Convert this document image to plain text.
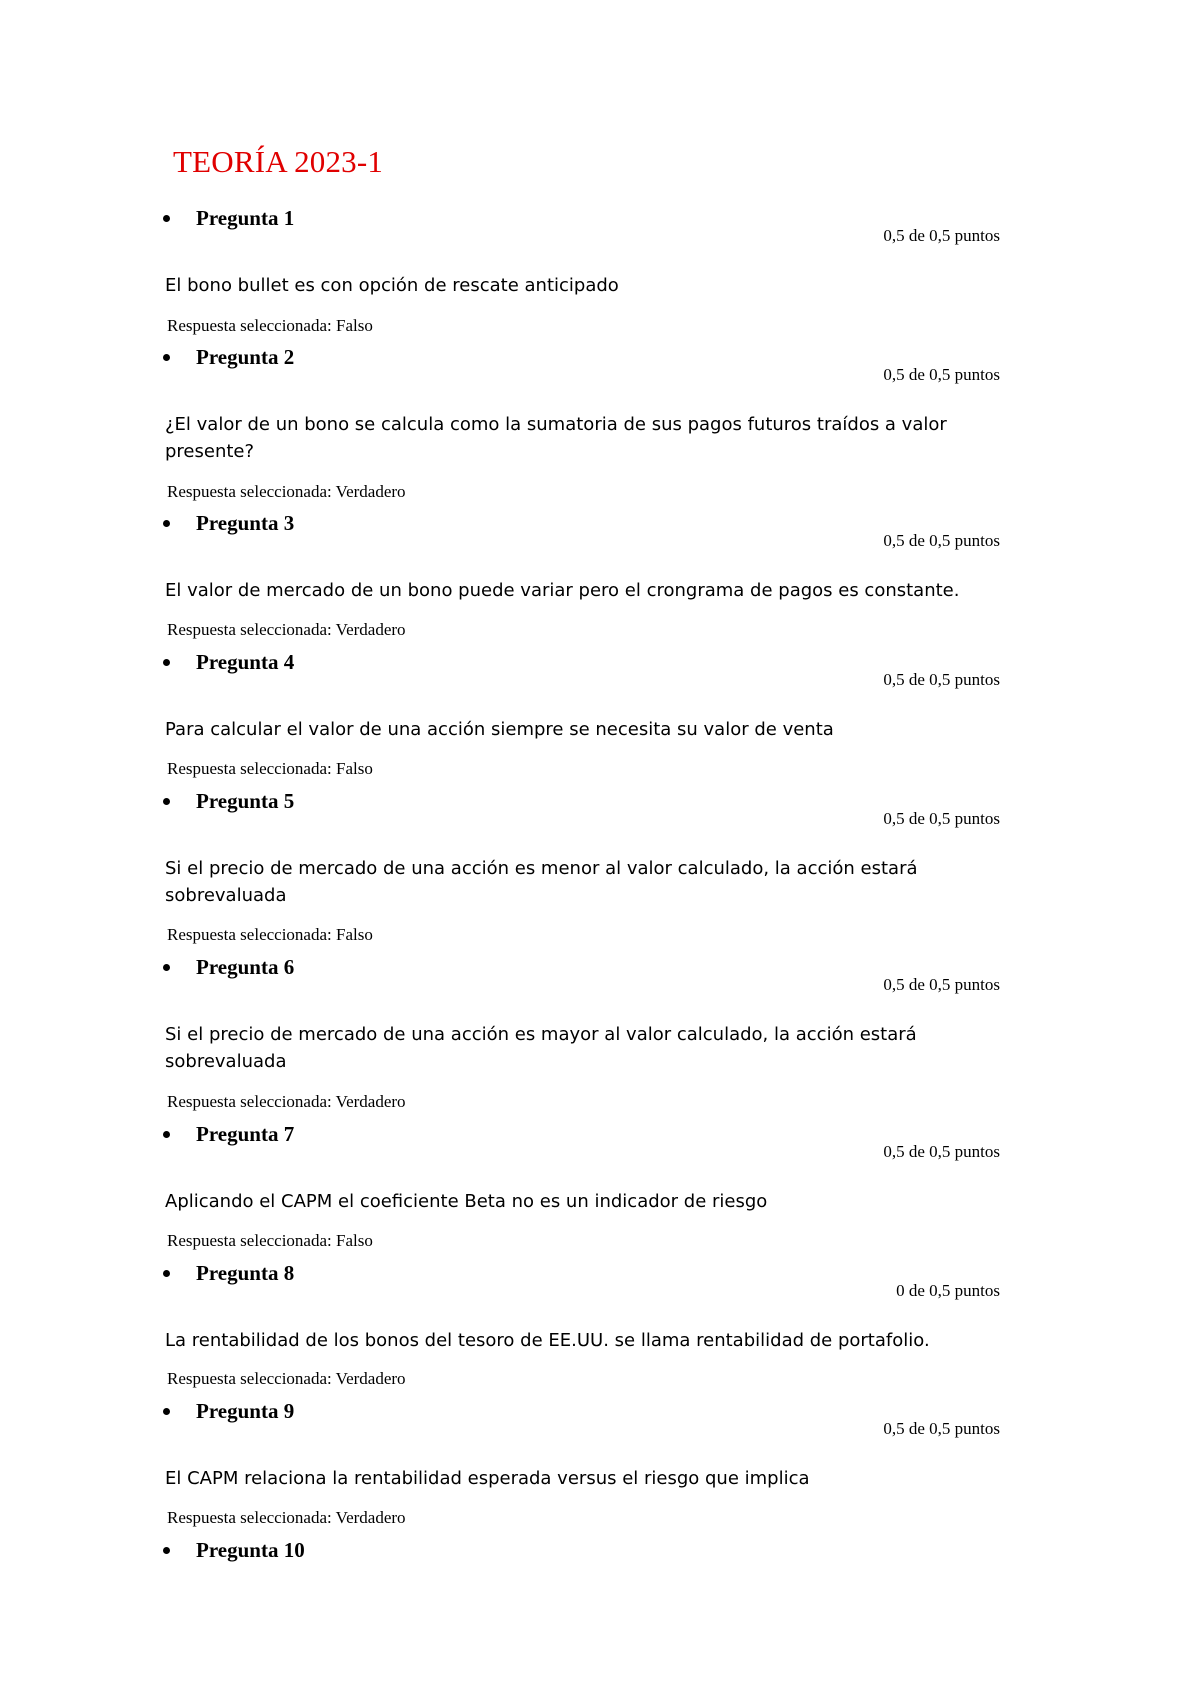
TEORÍA 2023-1
Pregunta 1
0,5 de 0,5 puntos
El bono bullet es con opción de rescate anticipado
Respuesta seleccionada: Falso
Pregunta 2
0,5 de 0,5 puntos
¿El valor de un bono se calcula como la sumatoria de sus pagos futuros traídos a valor presente?
Respuesta seleccionada: Verdadero
Pregunta 3
0,5 de 0,5 puntos
El valor de mercado de un bono puede variar pero el crongrama de pagos es constante.
Respuesta seleccionada: Verdadero
Pregunta 4
0,5 de 0,5 puntos
Para calcular el valor de una acción siempre se necesita su valor de venta
Respuesta seleccionada: Falso
Pregunta 5
0,5 de 0,5 puntos
Si el precio de mercado de una acción es menor al valor calculado, la acción estará sobrevaluada
Respuesta seleccionada: Falso
Pregunta 6
0,5 de 0,5 puntos
Si el precio de mercado de una acción es mayor al valor calculado, la acción estará sobrevaluada
Respuesta seleccionada: Verdadero
Pregunta 7
0,5 de 0,5 puntos
Aplicando el CAPM el coeficiente Beta no es un indicador de riesgo
Respuesta seleccionada: Falso
Pregunta 8
0 de 0,5 puntos
La rentabilidad de los bonos del tesoro de EE.UU. se llama rentabilidad de portafolio.
Respuesta seleccionada: Verdadero
Pregunta 9
0,5 de 0,5 puntos
El CAPM relaciona la rentabilidad esperada versus el riesgo que implica
Respuesta seleccionada: Verdadero
Pregunta 10
